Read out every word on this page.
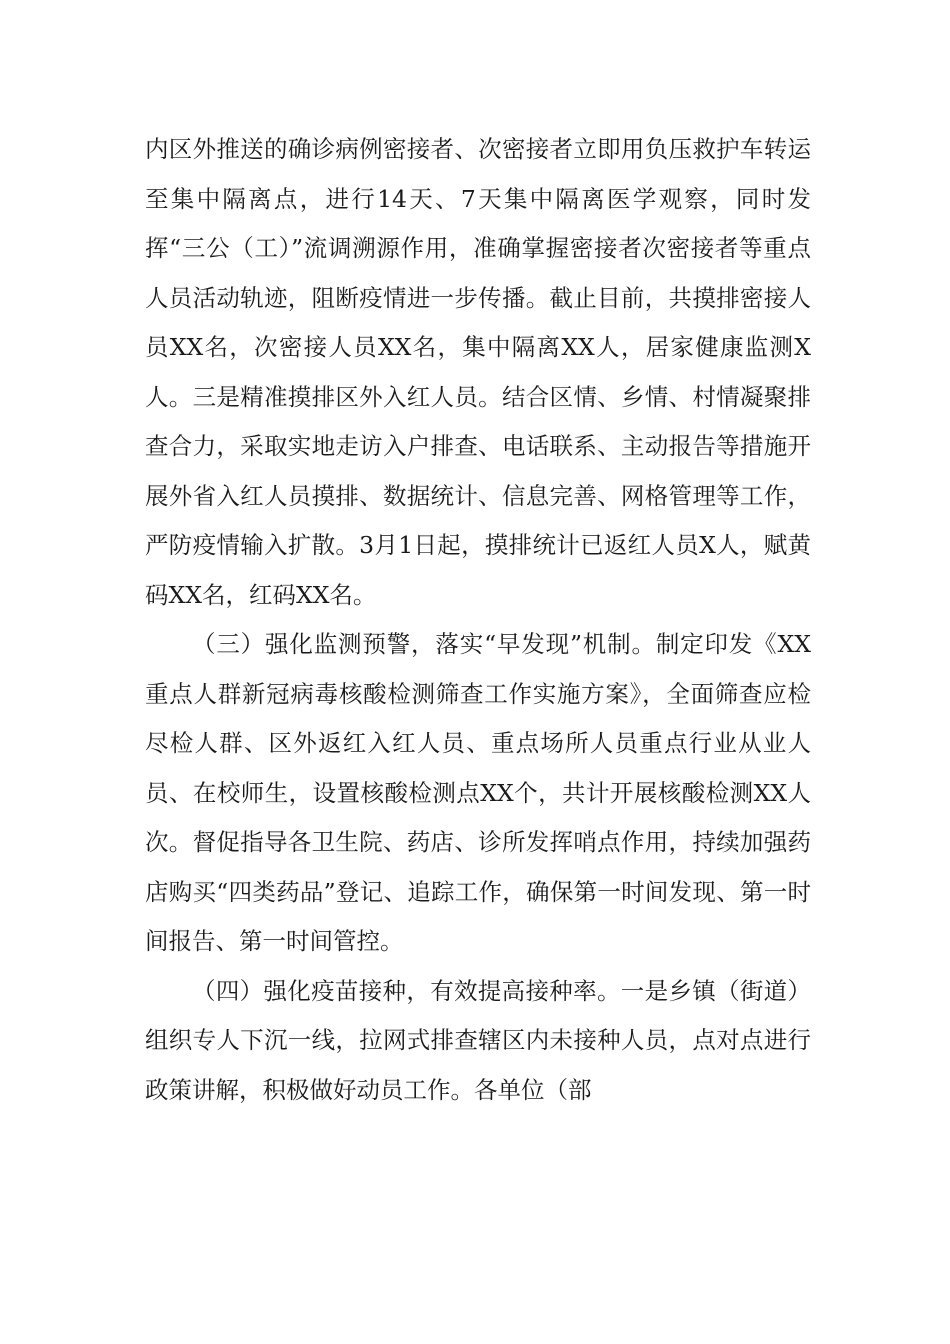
内区外推送的确诊病例密接者、次密接者立即用负压救护车转运至集中隔离点，进行14天、7天集中隔离医学观察，同时发挥“三公（工）”流调溯源作用，准确掌握密接者次密接者等重点人员活动轨迹，阻断疫情进一步传播。截止目前，共摸排密接人员XX名，次密接人员XX名，集中隔离XX人，居家健康监测X人。三是精准摸排区外入红人员。结合区情、乡情、村情凝聚排查合力，采取实地走访入户排查、电话联系、主动报告等措施开展外省入红人员摸排、数据统计、信息完善、网格管理等工作，严防疫情输入扩散。3月1日起，摸排统计已返红人员X人，赋黄码XX名，红码XX名。

（三）强化监测预警，落实“早发现”机制。制定印发《XX重点人群新冠病毒核酸检测筛查工作实施方案》，全面筛查应检尽检人群、区外返红入红人员、重点场所人员重点行业从业人员、在校师生，设置核酸检测点XX个，共计开展核酸检测XX人次。督促指导各卫生院、药店、诊所发挥哨点作用，持续加强药店购买“四类药品”登记、追踪工作，确保第一时间发现、第一时间报告、第一时间管控。

（四）强化疫苗接种，有效提高接种率。一是乡镇（街道）组织专人下沉一线，拉网式排查辖区内未接种人员，点对点进行政策讲解，积极做好动员工作。各单位（部
